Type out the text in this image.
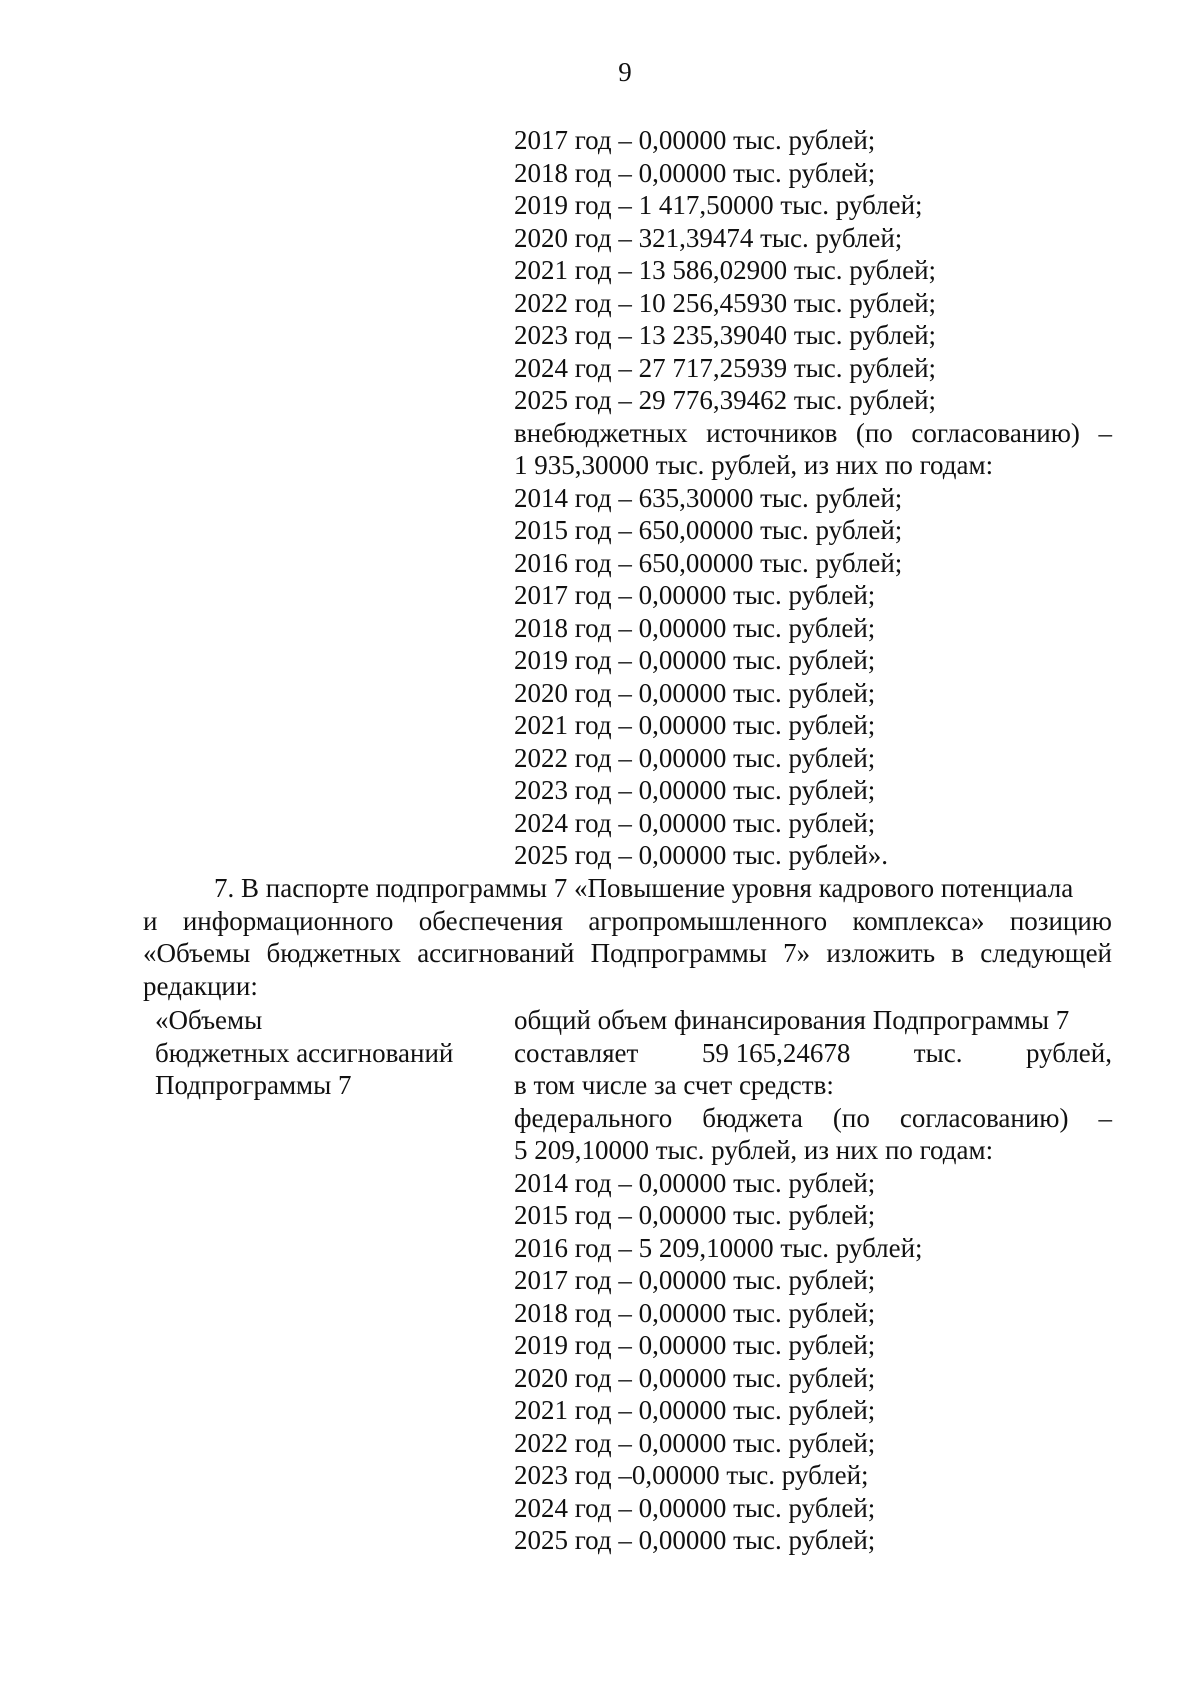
9
2017 год – 0,00000 тыс. рублей;
2018 год – 0,00000 тыс. рублей;
2019 год – 1 417,50000 тыс. рублей;
2020 год – 321,39474 тыс. рублей;
2021 год – 13 586,02900 тыс. рублей;
2022 год – 10 256,45930 тыс. рублей;
2023 год – 13 235,39040 тыс. рублей;
2024 год – 27 717,25939 тыс. рублей;
2025 год – 29 776,39462 тыс. рублей;
внебюджетных источников (по согласованию) –
1 935,30000 тыс. рублей, из них по годам:
2014 год – 635,30000 тыс. рублей;
2015 год – 650,00000 тыс. рублей;
2016 год – 650,00000 тыс. рублей;
2017 год – 0,00000 тыс. рублей;
2018 год – 0,00000 тыс. рублей;
2019 год – 0,00000 тыс. рублей;
2020 год – 0,00000 тыс. рублей;
2021 год – 0,00000 тыс. рублей;
2022 год – 0,00000 тыс. рублей;
2023 год – 0,00000 тыс. рублей;
2024 год – 0,00000 тыс. рублей;
2025 год – 0,00000 тыс. рублей».
7. В паспорте подпрограммы 7 «Повышение уровня кадрового потенциала
и информационного обеспечения агропромышленного комплекса» позицию
«Объемы бюджетных ассигнований Подпрограммы 7» изложить в следующей
редакции:
«Объемы
бюджетных ассигнований
Подпрограммы 7
общий объем финансирования Подпрограммы 7
составляет 59 165,24678 тыс. рублей,
в том числе за счет средств:
федерального бюджета (по согласованию) –
5 209,10000 тыс. рублей, из них по годам:
2014 год – 0,00000 тыс. рублей;
2015 год – 0,00000 тыс. рублей;
2016 год – 5 209,10000 тыс. рублей;
2017 год – 0,00000 тыс. рублей;
2018 год – 0,00000 тыс. рублей;
2019 год – 0,00000 тыс. рублей;
2020 год – 0,00000 тыс. рублей;
2021 год – 0,00000 тыс. рублей;
2022 год – 0,00000 тыс. рублей;
2023 год –0,00000 тыс. рублей;
2024 год – 0,00000 тыс. рублей;
2025 год – 0,00000 тыс. рублей;
